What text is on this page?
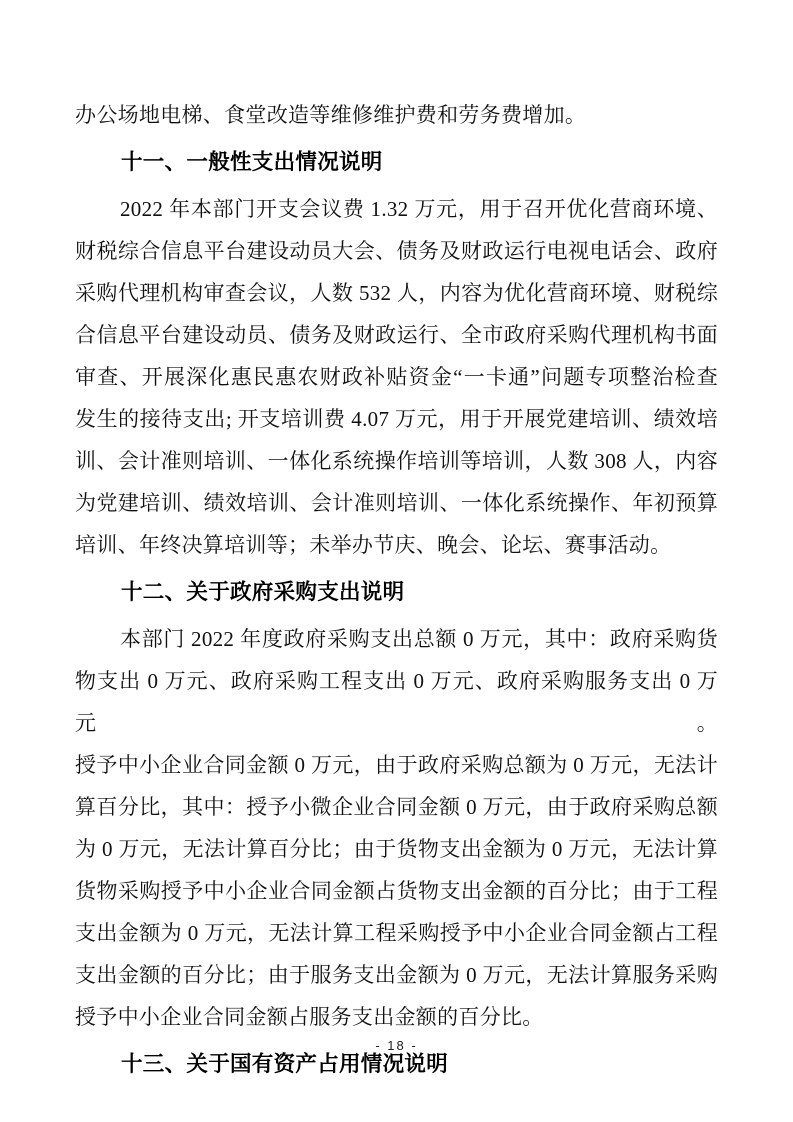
办公场地电梯、食堂改造等维修维护费和劳务费增加。
十一、一般性支出情况说明
2022 年本部门开支会议费 1.32 万元，用于召开优化营商环境、
财税综合信息平台建设动员大会、债务及财政运行电视电话会、政府
采购代理机构审查会议，人数 532 人，内容为优化营商环境、财税综
合信息平台建设动员、债务及财政运行、全市政府采购代理机构书面
审查、开展深化惠民惠农财政补贴资金“一卡通”问题专项整治检查
发生的接待支出; 开支培训费 4.07 万元，用于开展党建培训、绩效培
训、会计准则培训、一体化系统操作培训等培训，人数 308 人，内容
为党建培训、绩效培训、会计准则培训、一体化系统操作、年初预算
培训、年终决算培训等；未举办节庆、晚会、论坛、赛事活动。
十二、关于政府采购支出说明
本部门 2022 年度政府采购支出总额 0 万元，其中：政府采购货
物支出 0 万元、政府采购工程支出 0 万元、政府采购服务支出 0 万元。
授予中小企业合同金额 0 万元，由于政府采购总额为 0 万元，无法计
算百分比，其中：授予小微企业合同金额 0 万元，由于政府采购总额
为 0 万元，无法计算百分比；由于货物支出金额为 0 万元，无法计算
货物采购授予中小企业合同金额占货物支出金额的百分比；由于工程
支出金额为 0 万元，无法计算工程采购授予中小企业合同金额占工程
支出金额的百分比；由于服务支出金额为 0 万元，无法计算服务采购
授予中小企业合同金额占服务支出金额的百分比。
十三、关于国有资产占用情况说明
- 18 -
